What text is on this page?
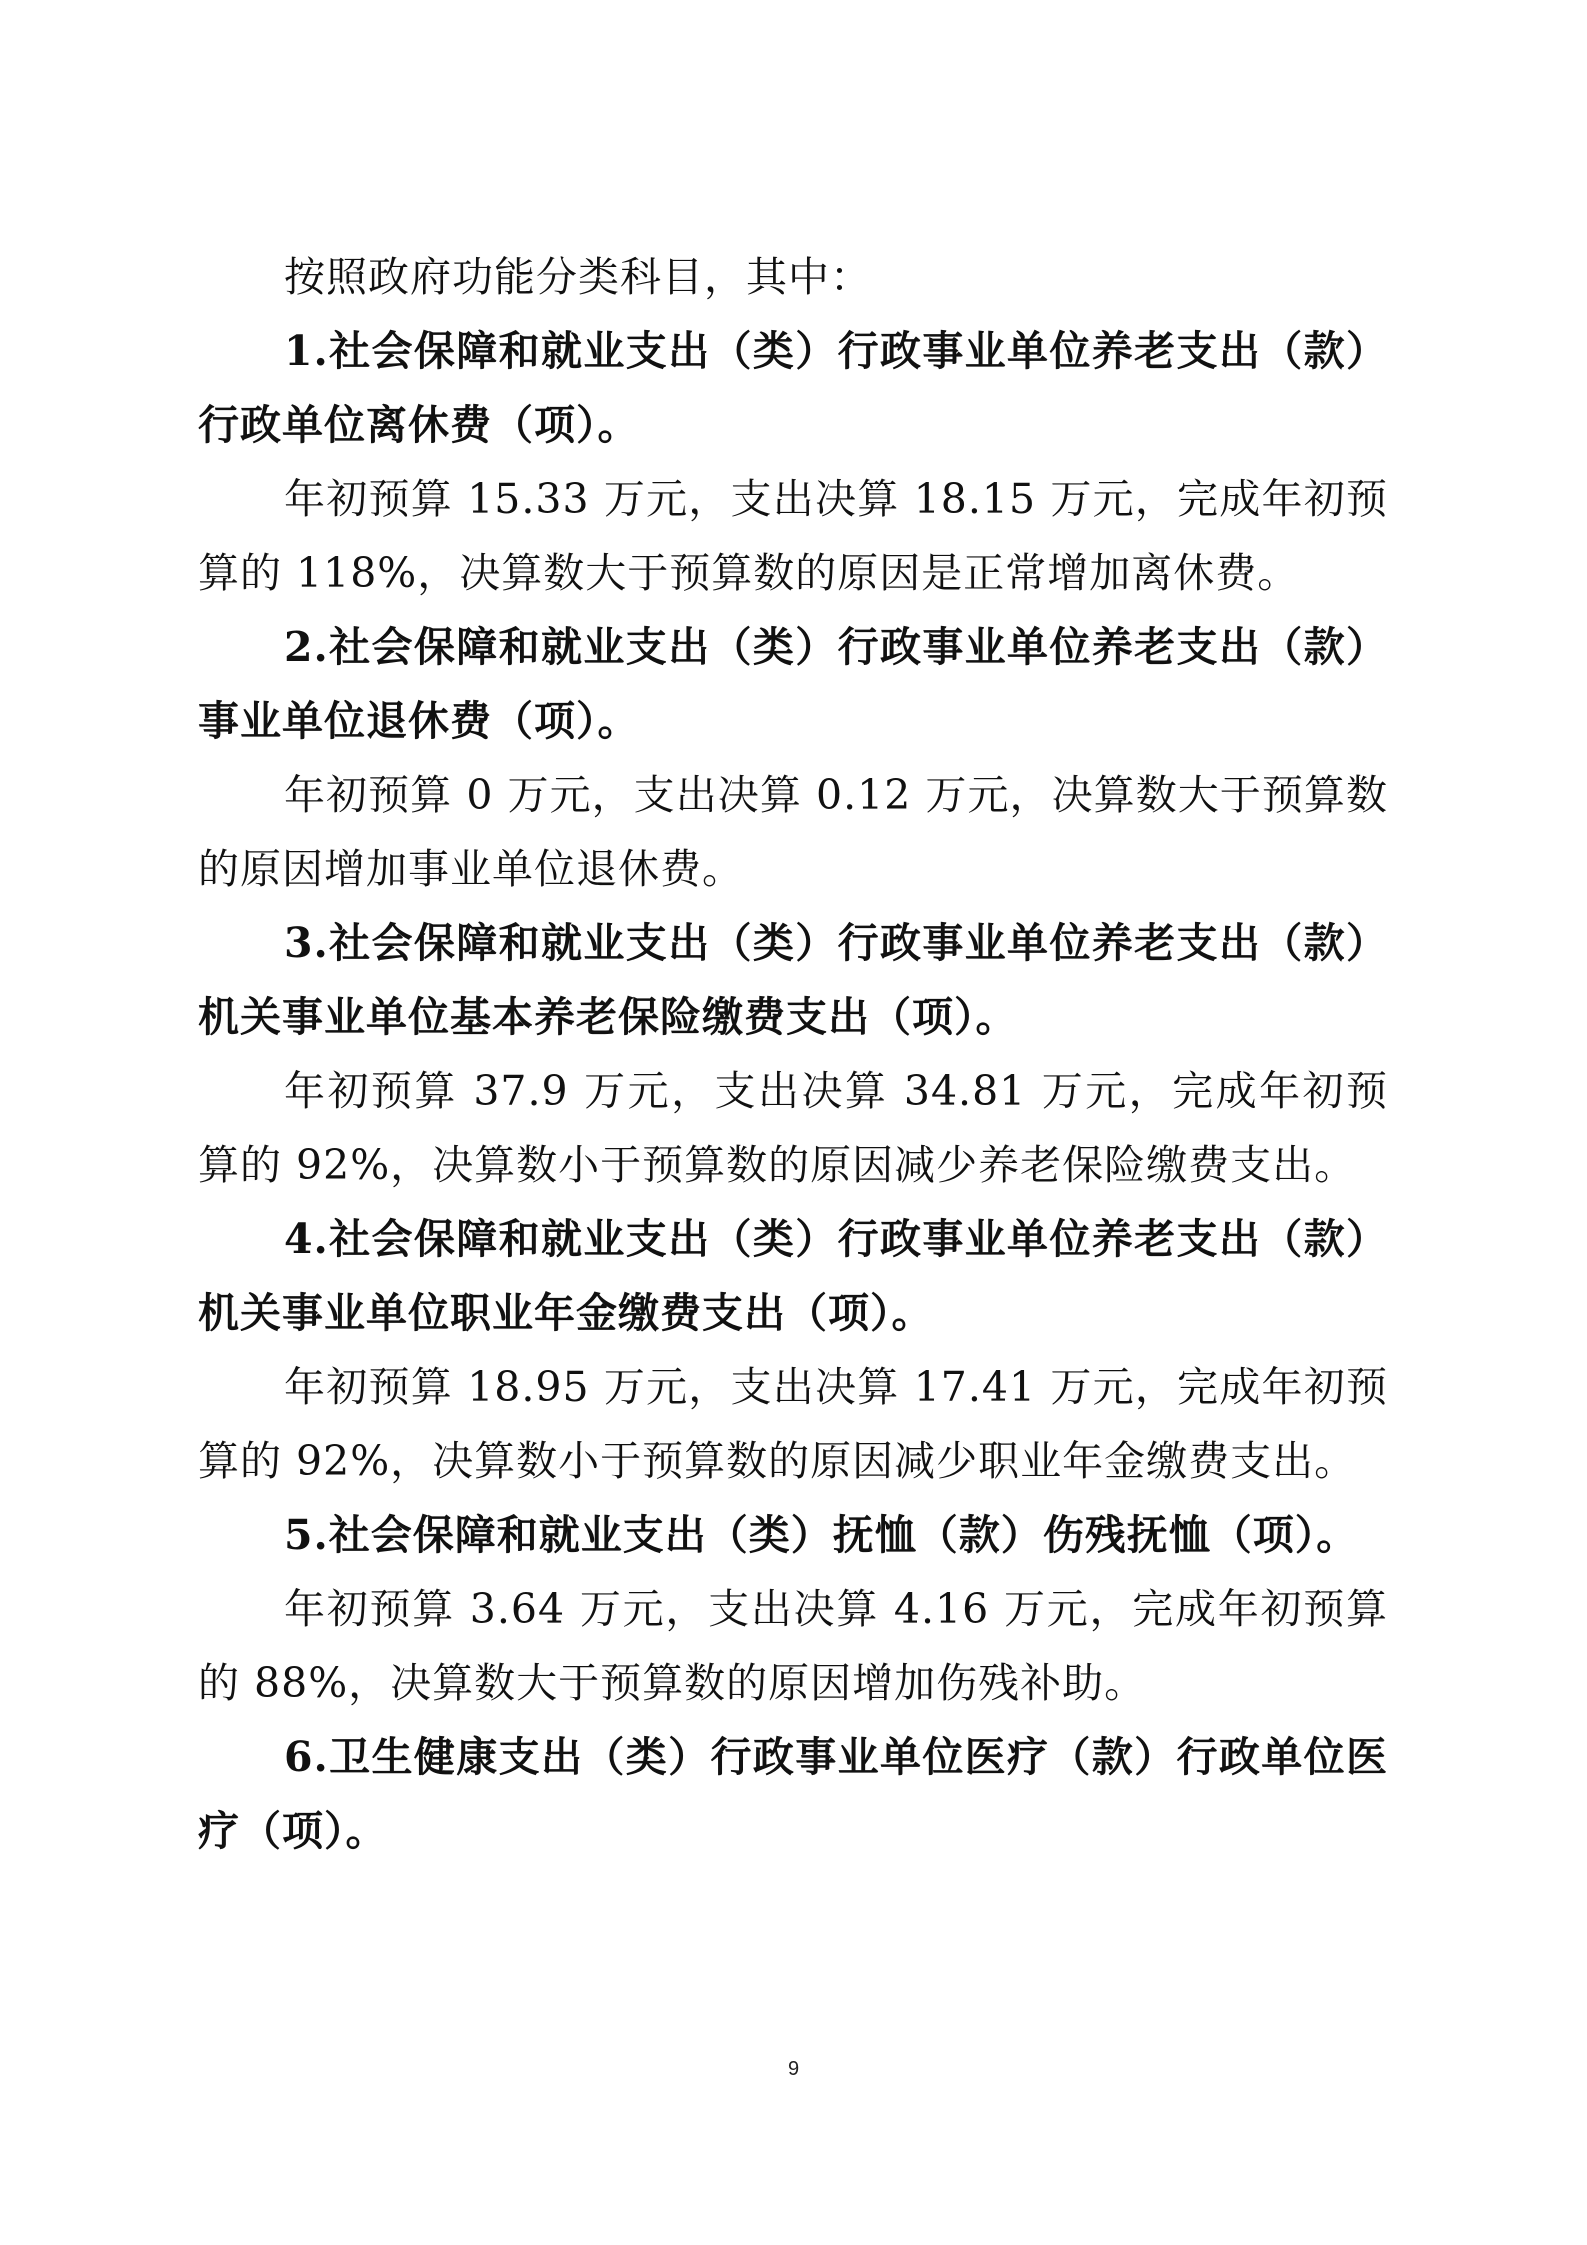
按照政府功能分类科目，其中：

1.社会保障和就业支出（类）行政事业单位养老支出（款）行政单位离休费（项）。

年初预算 15.33 万元，支出决算 18.15 万元，完成年初预算的 118%，决算数大于预算数的原因是正常增加离休费。

2.社会保障和就业支出（类）行政事业单位养老支出（款）事业单位退休费（项）。

年初预算 0 万元，支出决算 0.12 万元，决算数大于预算数的原因增加事业单位退休费。

3.社会保障和就业支出（类）行政事业单位养老支出（款）机关事业单位基本养老保险缴费支出（项）。

年初预算 37.9 万元，支出决算 34.81 万元，完成年初预算的 92%，决算数小于预算数的原因减少养老保险缴费支出。

4.社会保障和就业支出（类）行政事业单位养老支出（款）机关事业单位职业年金缴费支出（项）。

年初预算 18.95 万元，支出决算 17.41 万元，完成年初预算的 92%，决算数小于预算数的原因减少职业年金缴费支出。

5.社会保障和就业支出（类）抚恤（款）伤残抚恤（项）。

年初预算 3.64 万元，支出决算 4.16 万元，完成年初预算的 88%，决算数大于预算数的原因增加伤残补助。

6.卫生健康支出（类）行政事业单位医疗（款）行政单位医疗（项）。

9
